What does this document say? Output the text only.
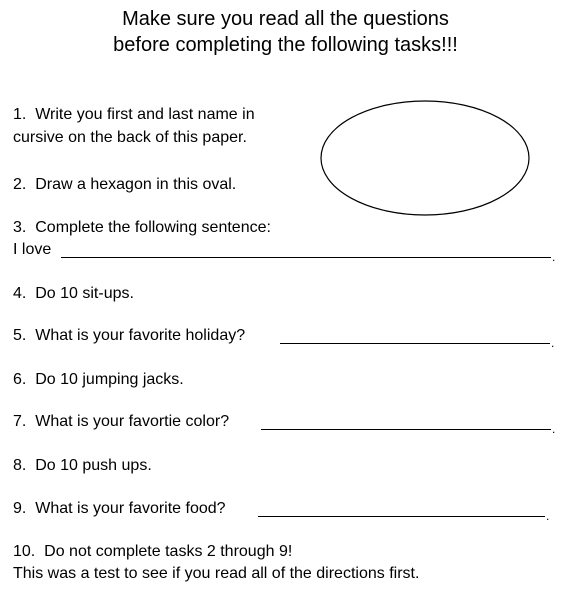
Make sure you read all the questions
before completing the following tasks!!!
1. Write you first and last name in
cursive on the back of this paper.
2. Draw a hexagon in this oval.
3. Complete the following sentence:
I love	.
4. Do 10 sit-ups.
5. What is your favorite holiday?	.
6. Do 10 jumping jacks.
7. What is your favortie color?	.
8. Do 10 push ups.
9. What is your favorite food?	.
10. Do not complete tasks 2 through 9!
This was a test to see if you read all of the directions first.
